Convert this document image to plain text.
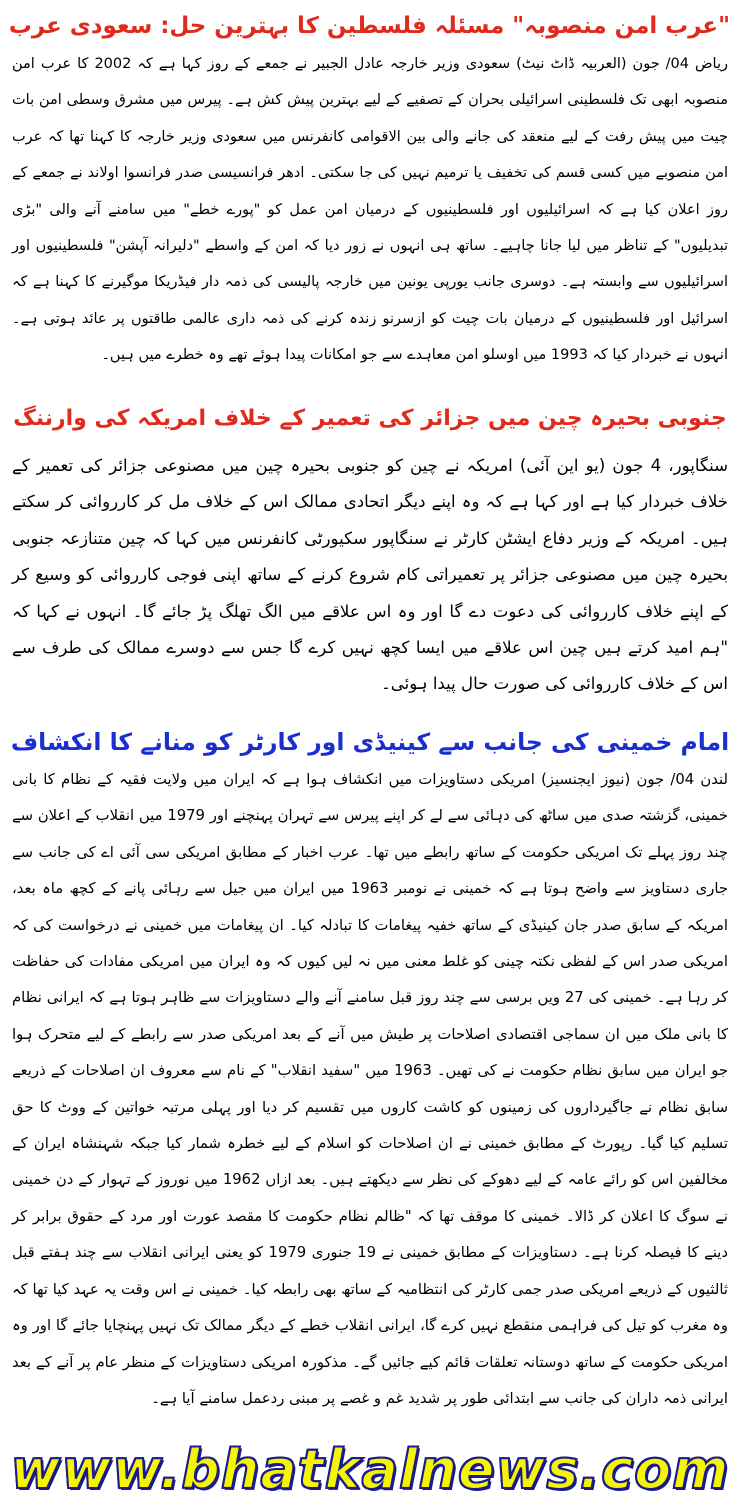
"عرب امن منصوبہ" مسئلہ فلسطین کا بہترین حل: سعودی عرب

ریاض 04/ جون (العربیہ ڈاٹ نیٹ) سعودی وزیر خارجہ عادل الجبیر نے جمعے کے روز کہا ہے کہ 2002 کا عرب امن منصوبہ ابھی تک فلسطینی اسرائیلی بحران کے تصفیے کے لیے بہترین پیش کش ہے۔ پیرس میں مشرق وسطی امن بات چیت میں پیش رفت کے لیے منعقد کی جانے والی بین الاقوامی کانفرنس میں سعودی وزیر خارجہ کا کہنا تھا کہ عرب امن منصوبے میں کسی قسم کی تخفیف یا ترمیم نہیں کی جا سکتی۔ ادھر فرانسیسی صدر فرانسوا اولاند نے جمعے کے روز اعلان کیا ہے کہ اسرائیلیوں اور فلسطینیوں کے درمیان امن عمل کو "پورے خطے" میں سامنے آنے والی "بڑی تبدیلیوں" کے تناظر میں لیا جانا چاہیے۔ ساتھ ہی انہوں نے زور دیا کہ امن کے واسطے "دلیرانہ آپشن" فلسطینیوں اور اسرائیلیوں سے وابستہ ہے۔ دوسری جانب یورپی یونین میں خارجہ پالیسی کی ذمہ دار فیڈریکا موگیرنے کا کہنا ہے کہ اسرائیل اور فلسطینیوں کے درمیان بات چیت کو ازسرنو زندہ کرنے کی ذمہ داری عالمی طاقتوں پر عائد ہوتی ہے۔ انہوں نے خبردار کیا کہ 1993 میں اوسلو امن معاہدے سے جو امکانات پیدا ہوئے تھے وہ خطرے میں ہیں۔

جنوبی بحیرہ چین میں جزائر کی تعمیر کے خلاف امریکہ کی وارننگ

سنگاپور، 4 جون (یو این آئی) امریکہ نے چین کو جنوبی بحیرہ چین میں مصنوعی جزائر کی تعمیر کے خلاف خبردار کیا ہے اور کہا ہے کہ وہ اپنے دیگر اتحادی ممالک اس کے خلاف مل کر کارروائی کر سکتے ہیں۔ امریکہ کے وزیر دفاع ایشٹن کارٹر نے سنگاپور سکیورٹی کانفرنس میں کہا کہ چین متنازعہ جنوبی بحیرہ چین میں مصنوعی جزائر پر تعمیراتی کام شروع کرنے کے ساتھ اپنی فوجی کارروائی کو وسیع کر کے اپنے خلاف کارروائی کی دعوت دے گا اور وہ اس علاقے میں الگ تھلگ پڑ جائے گا۔ انہوں نے کہا کہ "ہم امید کرتے ہیں چین اس علاقے میں ایسا کچھ نہیں کرے گا جس سے دوسرے ممالک کی طرف سے اس کے خلاف کارروائی کی صورت حال پیدا ہوئی۔

امام خمینی کی جانب سے کینیڈی اور کارٹر کو منانے کا انکشاف

لندن 04/ جون (نیوز ایجنسیز) امریکی دستاویزات میں انکشاف ہوا ہے کہ ایران میں ولایت فقیہ کے نظام کا بانی خمینی، گزشتہ صدی میں ساٹھ کی دہائی سے لے کر اپنے پیرس سے تہران پہنچنے اور 1979 میں انقلاب کے اعلان سے چند روز پہلے تک امریکی حکومت کے ساتھ رابطے میں تھا۔ عرب اخبار کے مطابق امریکی سی آئی اے کی جانب سے جاری دستاویز سے واضح ہوتا ہے کہ خمینی نے نومبر 1963 میں ایران میں جیل سے رہائی پانے کے کچھ ماہ بعد، امریکہ کے سابق صدر جان کینیڈی کے ساتھ خفیہ پیغامات کا تبادلہ کیا۔ ان پیغامات میں خمینی نے درخواست کی کہ امریکی صدر اس کے لفظی نکتہ چینی کو غلط معنی میں نہ لیں کیوں کہ وہ ایران میں امریکی مفادات کی حفاظت کر رہا ہے۔ خمینی کی 27 ویں برسی سے چند روز قبل سامنے آنے والے دستاویزات سے ظاہر ہوتا ہے کہ ایرانی نظام کا بانی ملک میں ان سماجی اقتصادی اصلاحات پر طیش میں آنے کے بعد امریکی صدر سے رابطے کے لیے متحرک ہوا جو ایران میں سابق نظام حکومت نے کی تھیں۔ 1963 میں "سفید انقلاب" کے نام سے معروف ان اصلاحات کے ذریعے سابق نظام نے جاگیرداروں کی زمینوں کو کاشت کاروں میں تقسیم کر دیا اور پہلی مرتبہ خواتین کے ووٹ کا حق تسلیم کیا گیا۔ رپورٹ کے مطابق خمینی نے ان اصلاحات کو اسلام کے لیے خطرہ شمار کیا جبکہ شہنشاہ ایران کے مخالفین اس کو رائے عامہ کے لیے دھوکے کی نظر سے دیکھتے ہیں۔ بعد ازاں 1962 میں نوروز کے تہوار کے دن خمینی نے سوگ کا اعلان کر ڈالا۔ خمینی کا موقف تھا کہ "ظالم نظام حکومت کا مقصد عورت اور مرد کے حقوق برابر کر دینے کا فیصلہ کرنا ہے۔ دستاویزات کے مطابق خمینی نے 19 جنوری 1979 کو یعنی ایرانی انقلاب سے چند ہفتے قبل ثالثیوں کے ذریعے امریکی صدر جمی کارٹر کی انتظامیہ کے ساتھ بھی رابطہ کیا۔ خمینی نے اس وقت یہ عہد کیا تھا کہ وہ مغرب کو تیل کی فراہمی منقطع نہیں کرے گا، ایرانی انقلاب خطے کے دیگر ممالک تک نہیں پہنچایا جائے گا اور وہ امریکی حکومت کے ساتھ دوستانہ تعلقات قائم کیے جائیں گے۔ مذکورہ امریکی دستاویزات کے منظر عام پر آنے کے بعد ایرانی ذمہ داران کی جانب سے ابتدائی طور پر شدید غم و غصے پر مبنی ردعمل سامنے آیا ہے۔

www.bhatkalnews.com
